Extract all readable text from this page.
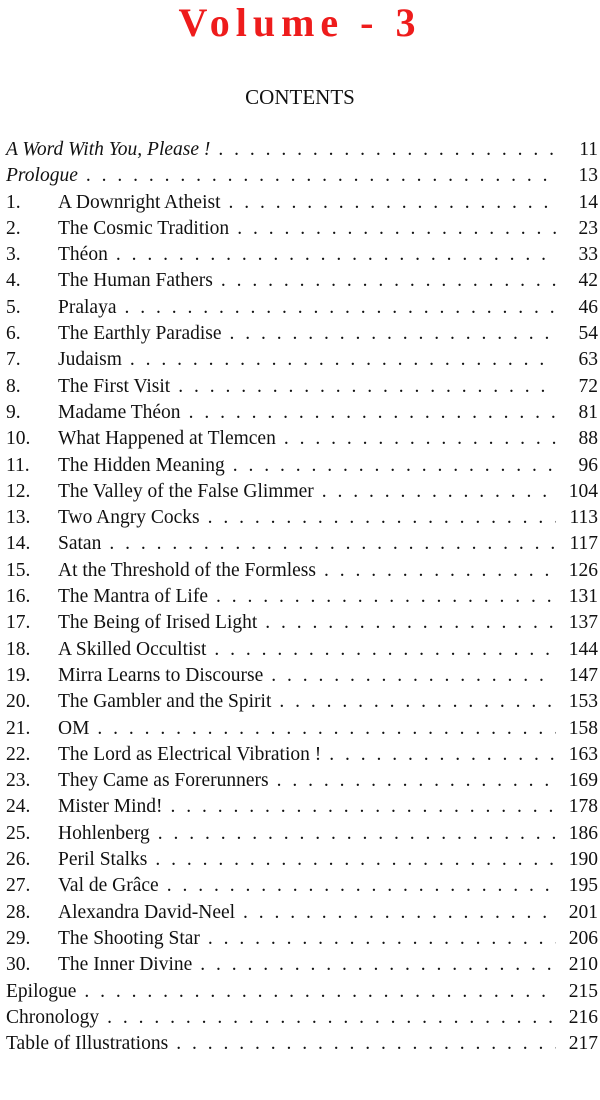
Volume - 3
CONTENTS
A Word With You, Please ! . . .	11
Prologue . . .	13
1.	A Downright Atheist . . .	14
2.	The Cosmic Tradition . . .	23
3.	Théon . . .	33
4.	The Human Fathers . . .	42
5.	Pralaya . . .	46
6.	The Earthly Paradise . . .	54
7.	Judaism . . .	63
8.	The First Visit . . .	72
9.	Madame Théon . . .	81
10.	What Happened at Tlemcen . . .	88
11.	The Hidden Meaning . . .	96
12.	The Valley of the False Glimmer . . .	104
13.	Two Angry Cocks . . .	113
14.	Satan . . .	117
15.	At the Threshold of the Formless . . .	126
16.	The Mantra of Life . . .	131
17.	The Being of Irised Light . . .	137
18.	A Skilled Occultist . . .	144
19.	Mirra Learns to Discourse . . .	147
20.	The Gambler and the Spirit . . .	153
21.	OM . . .	158
22.	The Lord as Electrical Vibration ! . . .	163
23.	They Came as Forerunners . . .	169
24.	Mister Mind! . . .	178
25.	Hohlenberg . . .	186
26.	Peril Stalks . . .	190
27.	Val de Grâce . . .	195
28.	Alexandra David-Neel . . .	201
29.	The Shooting Star . . .	206
30.	The Inner Divine . . .	210
Epilogue . . .	215
Chronology . . .	216
Table of Illustrations . . .	217
